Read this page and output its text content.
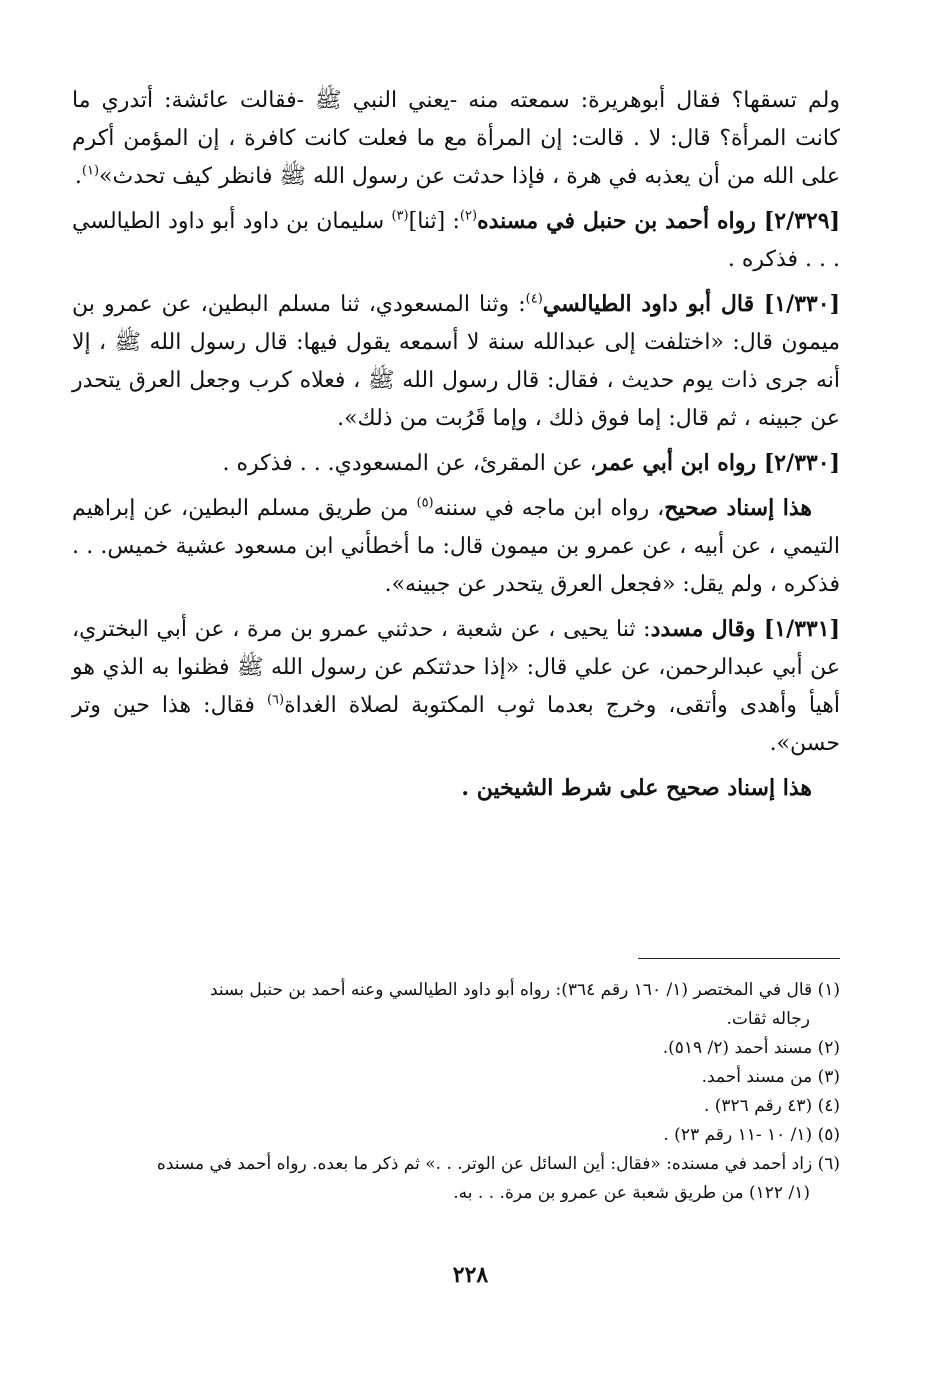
ولم تسقها؟ فقال أبوهريرة: سمعته منه -يعني النبي ﷺ -فقالت عائشة: أتدري ما كانت المرأة؟ قال: لا . قالت: إن المرأة مع ما فعلت كانت كافرة ، إن المؤمن أكرم على الله من أن يعذبه في هرة ، فإذا حدثت عن رسول الله ﷺ فانظر كيف تحدث»$^{(١)}$.

[٢/٣٢٩] رواه أحمد بن حنبل في مسنده$^{(٢)}$: [ثنا]$^{(٣)}$ سليمان بن داود أبو داود الطيالسي . . . فذكره .

[١/٣٣٠] قال أبو داود الطيالسي$^{(٤)}$: وثنا المسعودي، ثنا مسلم البطين، عن عمرو بن ميمون قال: «اختلفت إلى عبدالله سنة لا أسمعه يقول فيها: قال رسول الله ﷺ ، إلا أنه جرى ذات يوم حديث ، فقال: قال رسول الله ﷺ ، فعلاه كرب وجعل العرق يتحدر عن جبينه ، ثم قال: إما فوق ذلك ، وإما قَرُبت من ذلك».

[٢/٣٣٠] رواه ابن أبي عمر، عن المقرئ، عن المسعودي. . . فذكره .

هذا إسناد صحيح، رواه ابن ماجه في سننه$^{(٥)}$ من طريق مسلم البطين، عن إبراهيم التيمي ، عن أبيه ، عن عمرو بن ميمون قال: ما أخطأني ابن مسعود عشية خميس. . . فذكره ، ولم يقل: «فجعل العرق يتحدر عن جبينه».

[١/٣٣١] وقال مسدد: ثنا يحيى ، عن شعبة ، حدثني عمرو بن مرة ، عن أبي البختري، عن أبي عبدالرحمن، عن علي قال: «إذا حدثتكم عن رسول الله ﷺ فظنوا به الذي هو أهيأ وأهدى وأتقى، وخرج بعدما ثوب المكتوبة لصلاة الغداة$^{(٦)}$ فقال: هذا حين وتر حسن».

هذا إسناد صحيح على شرط الشيخين .

(١) قال في المختصر (١/ ١٦٠ رقم ٣٦٤): رواه أبو داود الطيالسي وعنه أحمد بن حنبل بسند
رجاله ثقات.

(٢) مسند أحمد (٢/ ٥١٩).

(٣) من مسند أحمد.

(٤) (٤٣ رقم ٣٢٦) .

(٥) (١/ ١٠ -١١ رقم ٢٣) .

(٦) زاد أحمد في مسنده: «فقال: أين السائل عن الوتر. . .» ثم ذكر ما بعده. رواه أحمد في مسنده
(١/ ١٢٢) من طريق شعبة عن عمرو بن مرة. . . به.

٢٢٨
